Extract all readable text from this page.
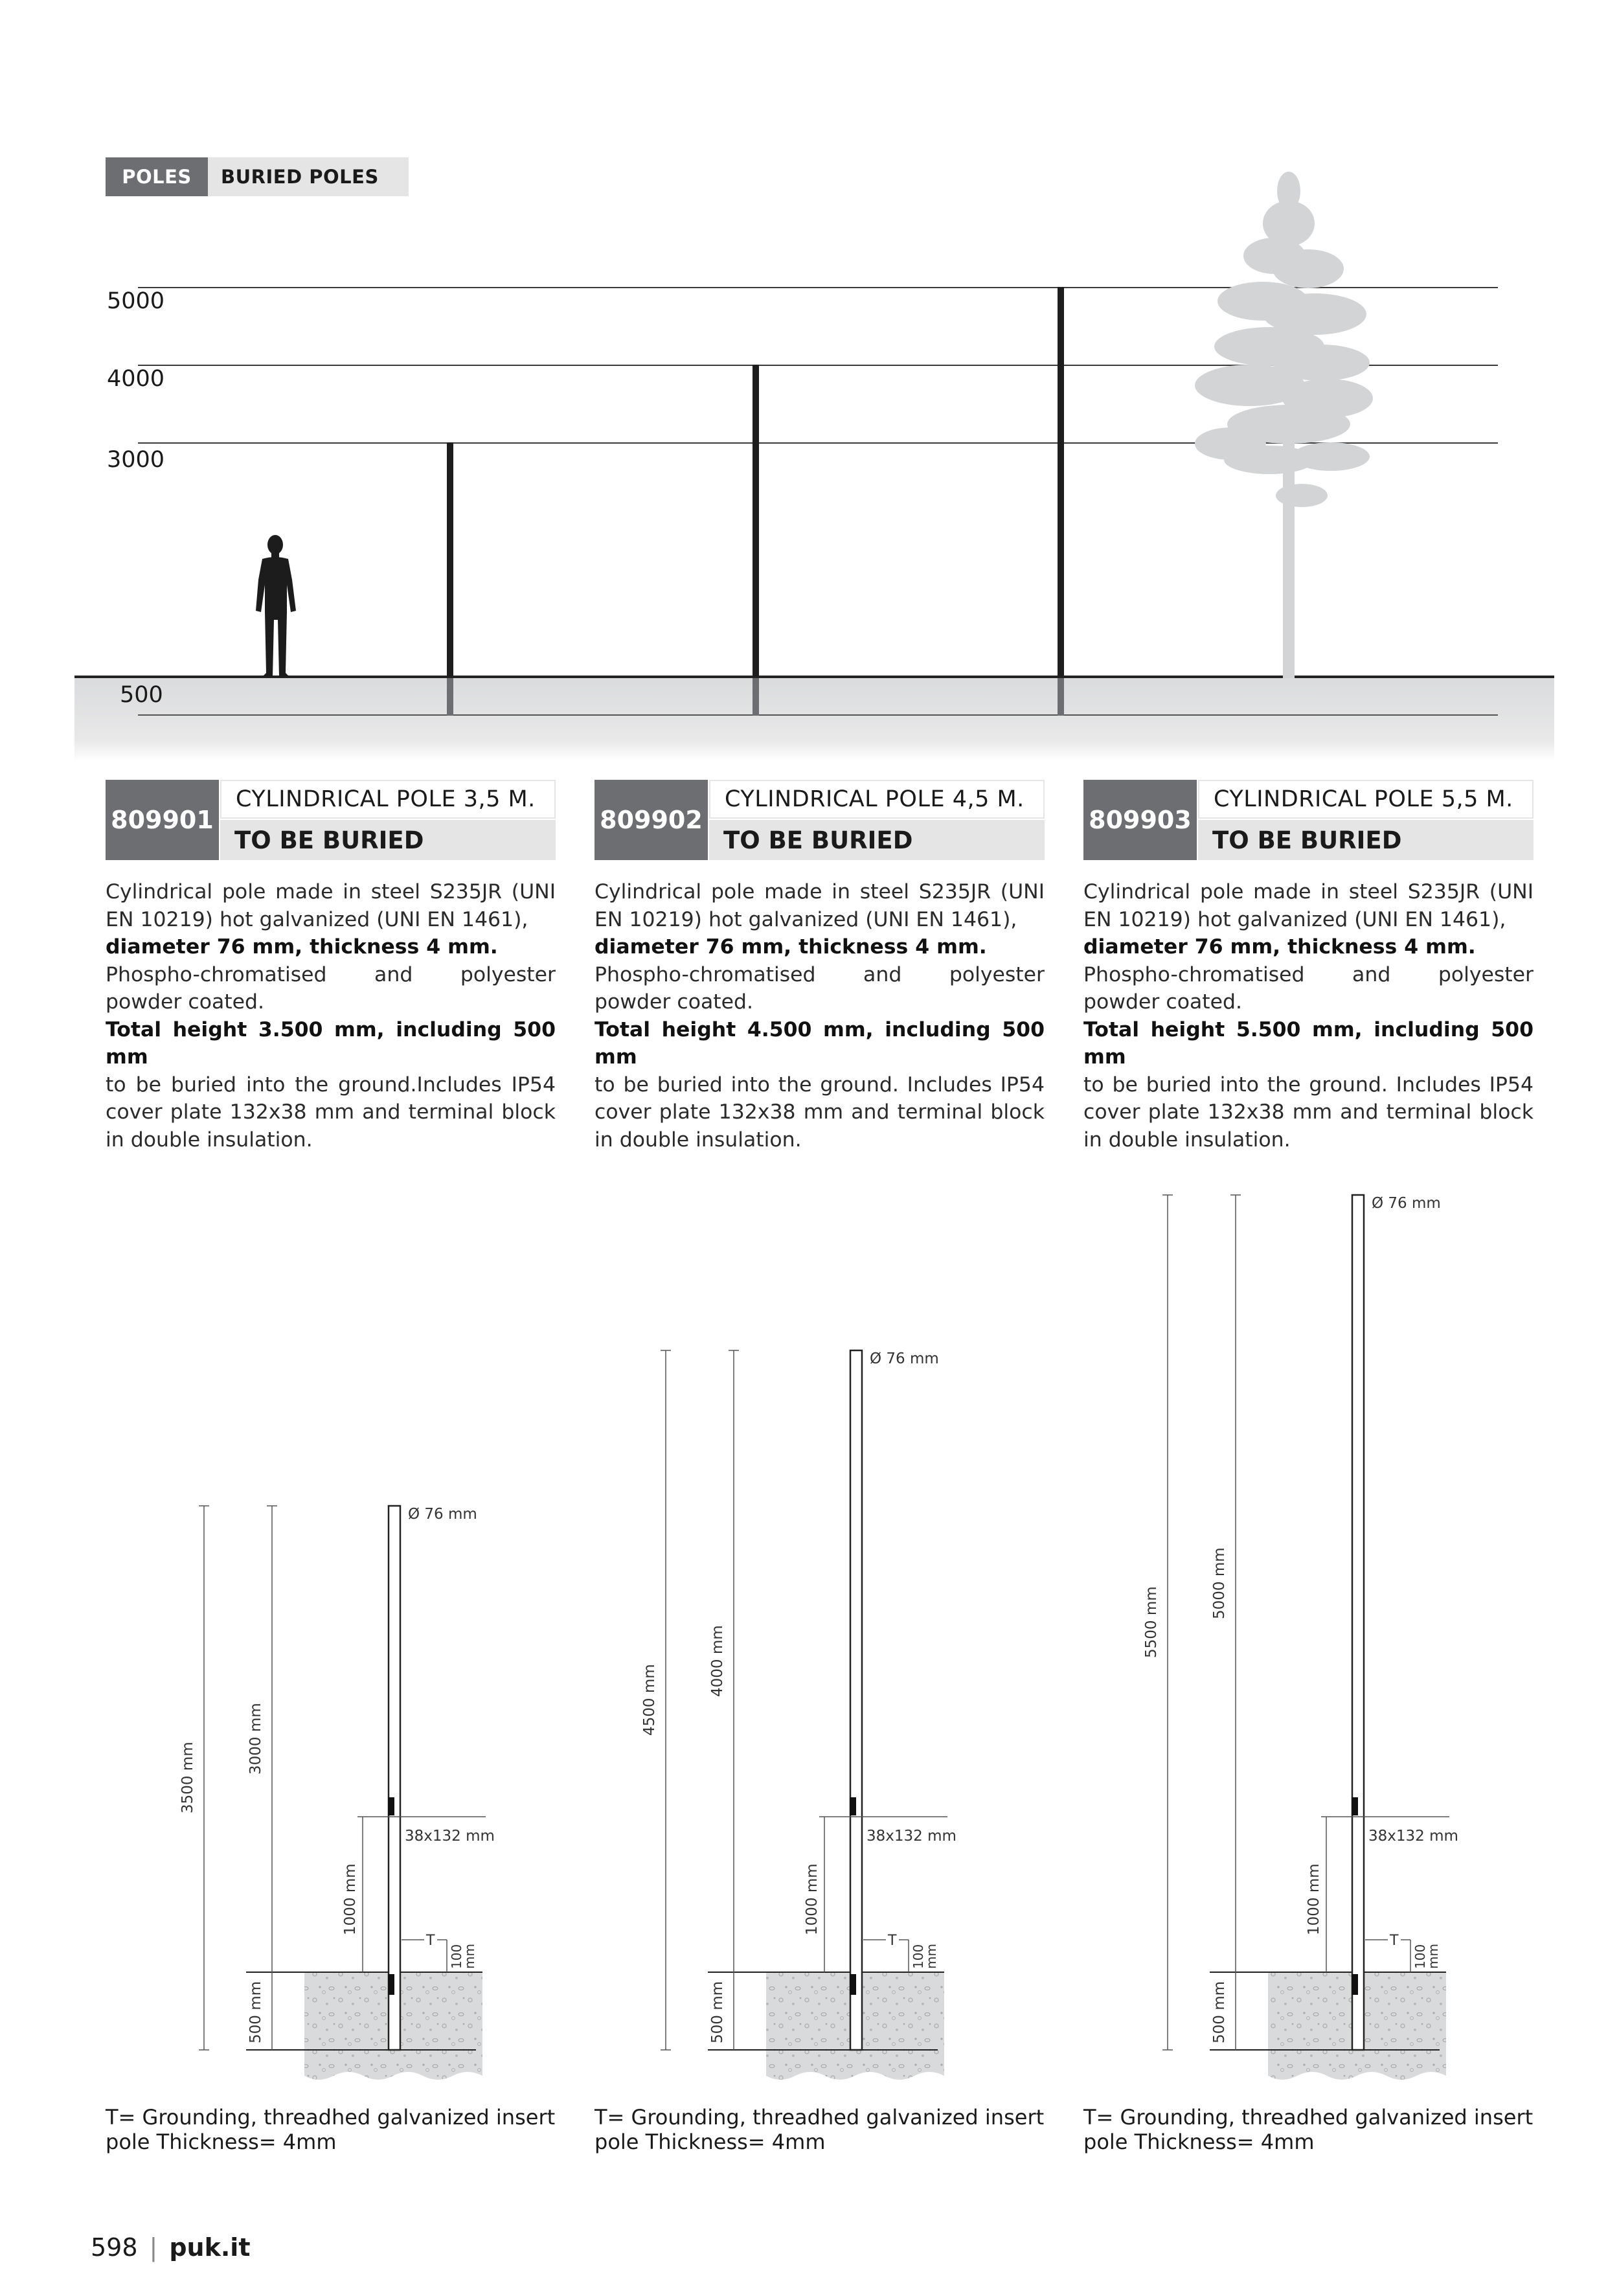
POLES	BURIED POLES
5000
4000
3000
500
809901
CYLINDRICAL POLE 3,5 M.
TO BE BURIED
Cylindrical pole made in steel S235JR (UNI EN 10219) hot galvanized (UNI EN 1461),
diameter 76 mm, thickness 4 mm.
Phospho-chromatised and polyester powder coated.
Total height 3.500 mm, including 500 mm
to be buried into the ground.Includes IP54 cover plate 132x38 mm and terminal block in double insulation.
809902
CYLINDRICAL POLE 4,5 M.
TO BE BURIED
Cylindrical pole made in steel S235JR (UNI EN 10219) hot galvanized (UNI EN 1461),
diameter 76 mm, thickness 4 mm.
Phospho-chromatised and polyester powder coated.
Total height 4.500 mm, including 500 mm
to be buried into the ground. Includes IP54 cover plate 132x38 mm and terminal block in double insulation.
809903
CYLINDRICAL POLE 5,5 M.
TO BE BURIED
Cylindrical pole made in steel S235JR (UNI EN 10219) hot galvanized (UNI EN 1461),
diameter 76 mm, thickness 4 mm.
Phospho-chromatised and polyester powder coated.
Total height 5.500 mm, including 500 mm
to be buried into the ground. Includes IP54 cover plate 132x38 mm and terminal block in double insulation.
3500 mm
3000 mm
500 mm
1000 mm
38x132 mm
Ø 76 mm
T
100
mm
4500 mm
4000 mm
500 mm
1000 mm
38x132 mm
Ø 76 mm
T
100
mm
5500 mm
5000 mm
500 mm
1000 mm
38x132 mm
Ø 76 mm
T
100
mm
T= Grounding, threadhed galvanized insert
pole Thickness= 4mm
T= Grounding, threadhed galvanized insert
pole Thickness= 4mm
T= Grounding, threadhed galvanized insert
pole Thickness= 4mm
598 | puk.it
